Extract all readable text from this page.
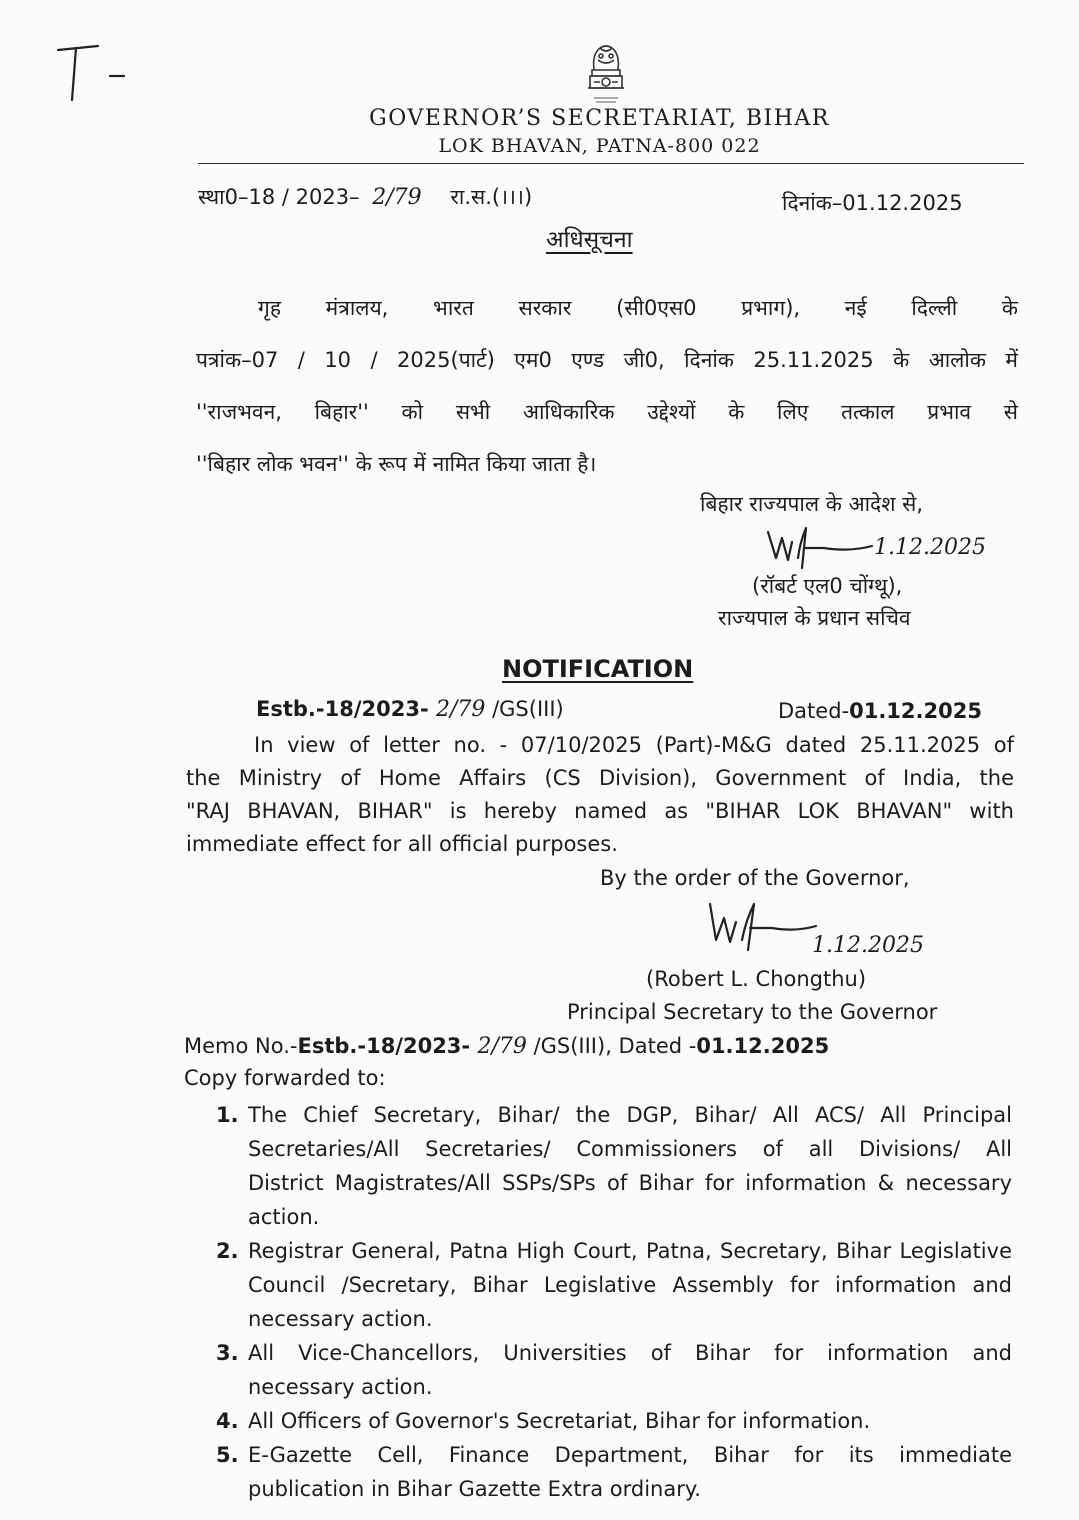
GOVERNOR’S SECRETARIAT, BIHAR
LOK BHAVAN, PATNA-800 022
स्था0–18 / 2023– 2/79 रा.स.(।।।)	दिनांक–01.12.2025
अधिसूचना
गृह मंत्रालय, भारत सरकार (सी0एस0 प्रभाग), नई दिल्ली के
पत्रांक–07 / 10 / 2025(पार्ट) एम0 एण्ड जी0, दिनांक 25.11.2025 के आलोक में
''राजभवन, बिहार'' को सभी आधिकारिक उद्देश्यों के लिए तत्काल प्रभाव से
''बिहार लोक भवन'' के रूप में नामित किया जाता है।
बिहार राज्यपाल के आदेश से,
1.12.2025
(रॉबर्ट एल0 चोंग्थू),
राज्यपाल के प्रधान सचिव
NOTIFICATION
Estb.-18/2023- 2/79 /GS(III)	Dated-01.12.2025
In view of letter no. - 07/10/2025 (Part)-M&G dated 25.11.2025 of
the Ministry of Home Affairs (CS Division), Government of India, the
"RAJ BHAVAN, BIHAR" is hereby named as "BIHAR LOK BHAVAN" with
immediate effect for all official purposes.
By the order of the Governor,
1.12.2025
(Robert L. Chongthu)
Principal Secretary to the Governor
Memo No.-Estb.-18/2023- 2/79 /GS(III), Dated -01.12.2025
Copy forwarded to:
1. The Chief Secretary, Bihar/ the DGP, Bihar/ All ACS/ All Principal
Secretaries/All Secretaries/ Commissioners of all Divisions/ All
District Magistrates/All SSPs/SPs of Bihar for information & necessary
action.
2. Registrar General, Patna High Court, Patna, Secretary, Bihar Legislative
Council /Secretary, Bihar Legislative Assembly for information and
necessary action.
3. All Vice-Chancellors, Universities of Bihar for information and
necessary action.
4. All Officers of Governor's Secretariat, Bihar for information.
5. E-Gazette Cell, Finance Department, Bihar for its immediate
publication in Bihar Gazette Extra ordinary.
